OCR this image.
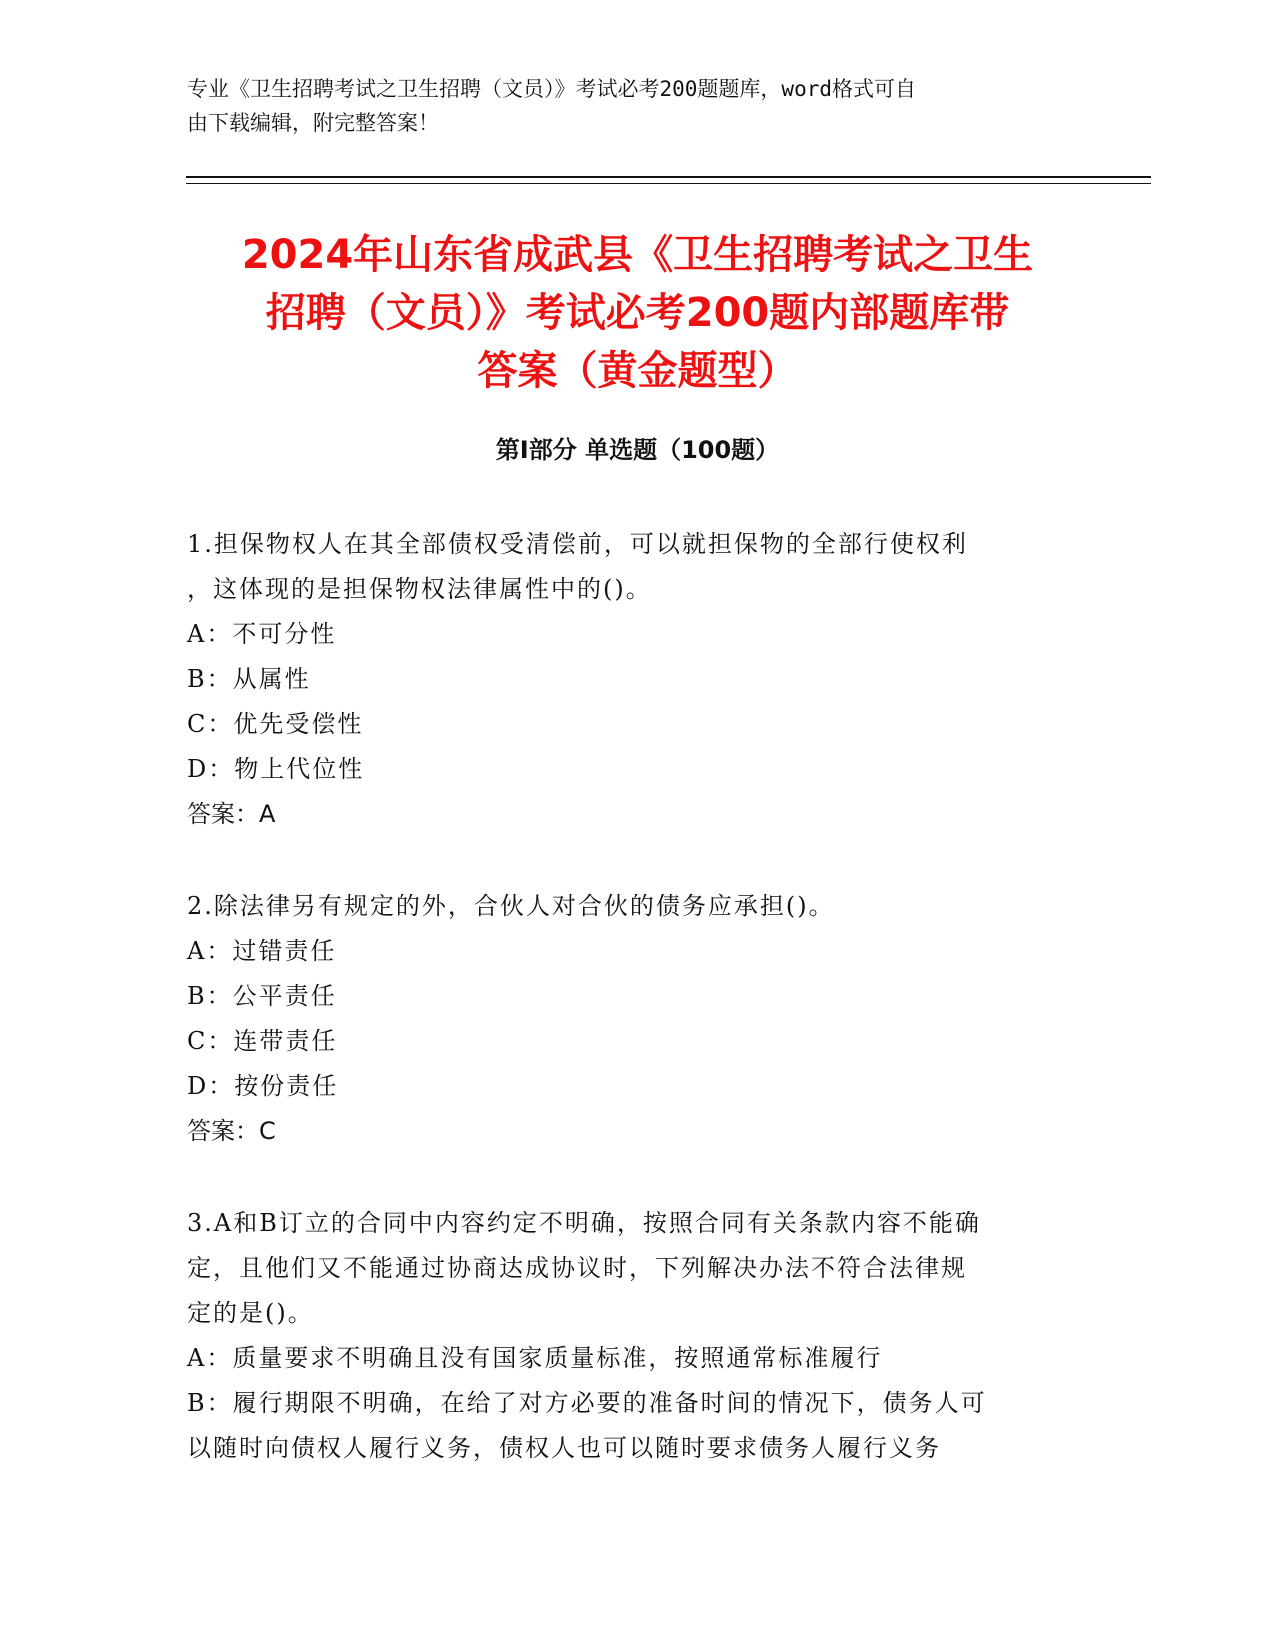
专业《卫生招聘考试之卫生招聘（文员）》考试必考200题题库，word格式可自
由下载编辑，附完整答案！
2024年山东省成武县《卫生招聘考试之卫生
招聘（文员）》考试必考200题内部题库带
答案（黄金题型）
第I部分 单选题（100题）
1.担保物权人在其全部债权受清偿前，可以就担保物的全部行使权利
，这体现的是担保物权法律属性中的()。
A：不可分性
B：从属性
C：优先受偿性
D：物上代位性
答案：A
2.除法律另有规定的外，合伙人对合伙的债务应承担()。
A：过错责任
B：公平责任
C：连带责任
D：按份责任
答案：C
3.A和B订立的合同中内容约定不明确，按照合同有关条款内容不能确
定，且他们又不能通过协商达成协议时，下列解决办法不符合法律规
定的是()。
A：质量要求不明确且没有国家质量标准，按照通常标准履行
B：履行期限不明确，在给了对方必要的准备时间的情况下，债务人可
以随时向债权人履行义务，债权人也可以随时要求债务人履行义务
